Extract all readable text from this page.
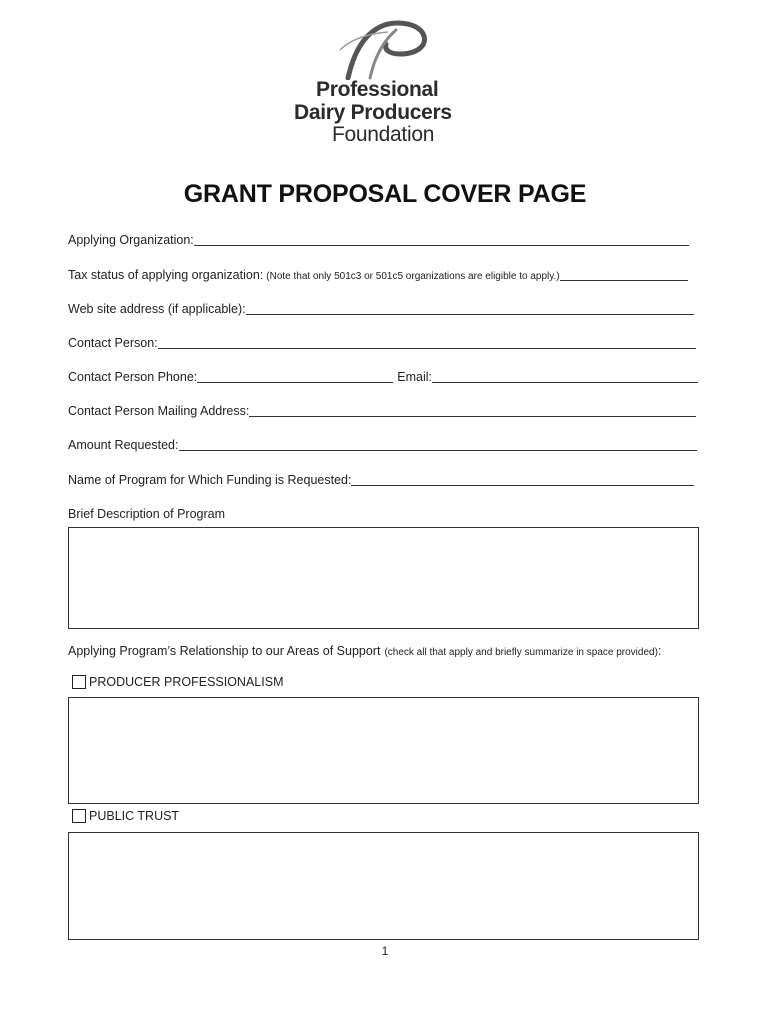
Professional
Dairy Producers
Foundation
GRANT PROPOSAL COVER PAGE
Applying Organization:
Tax status of applying organization: (Note that only 501c3 or 501c5 organizations are eligible to apply.)
Web site address (if applicable):
Contact Person:
Contact Person Phone:	Email:
Contact Person Mailing Address:
Amount Requested:
Name of Program for Which Funding is Requested:
Brief Description of Program
Applying Program’s Relationship to our Areas of Support (check all that apply and briefly summarize in space provided) :
PRODUCER PROFESSIONALISM
PUBLIC TRUST
1
